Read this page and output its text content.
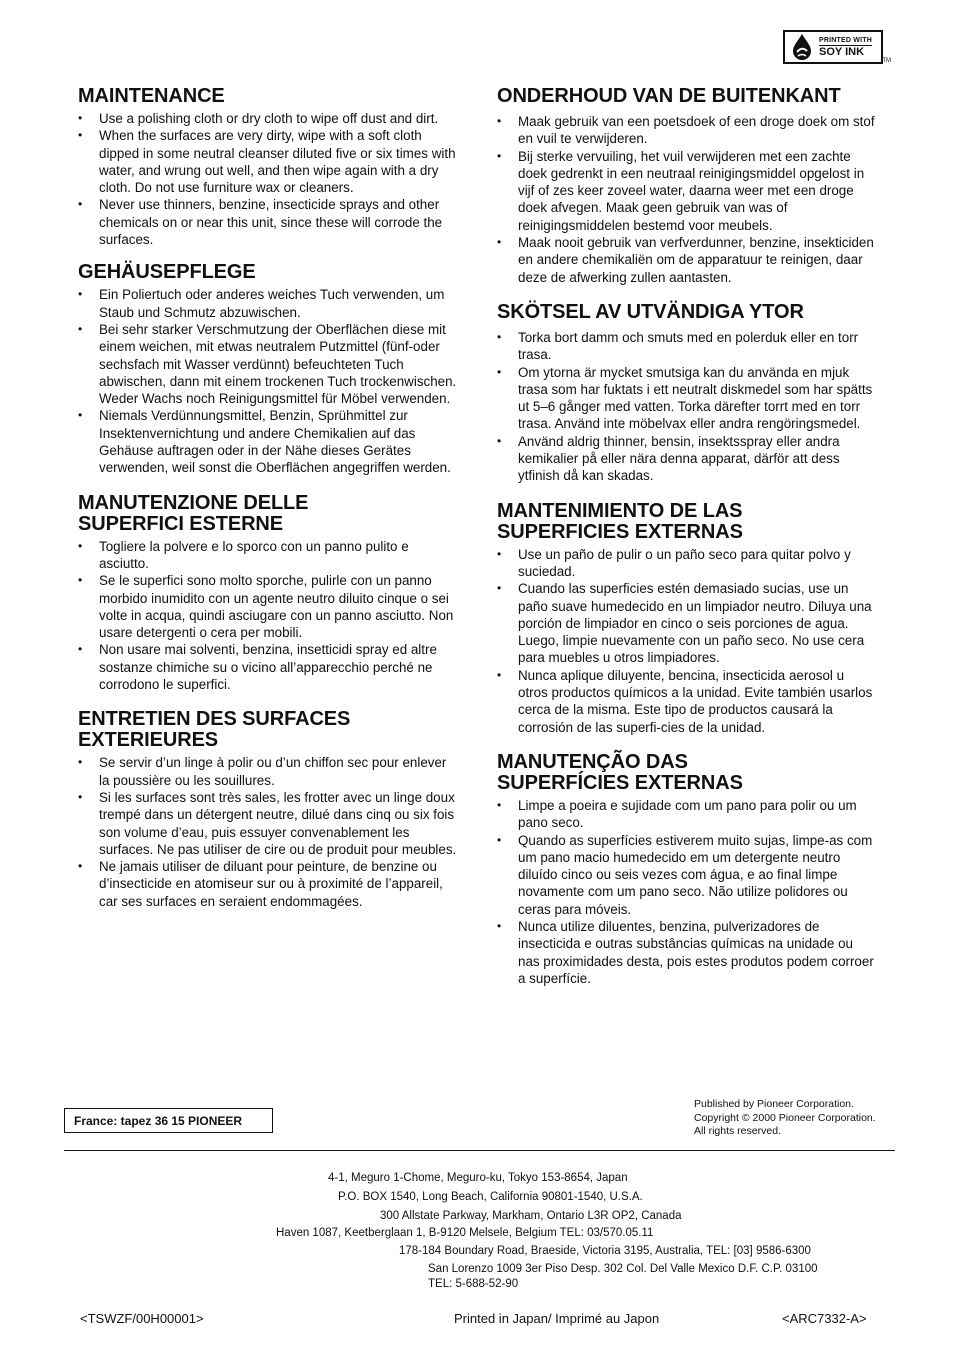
PRINTED WITH
SOY INK
TM
MAINTENANCE
• Use a polishing cloth or dry cloth to wipe off dust and dirt.
• When the surfaces are very dirty, wipe with a soft cloth dipped in some neutral cleanser diluted five or six times with water, and wrung out well, and then wipe again with a dry cloth. Do not use furniture wax or cleaners.
• Never use thinners, benzine, insecticide sprays and other chemicals on or near this unit, since these will corrode the surfaces.
GEHÄUSEPFLEGE
• Ein Poliertuch oder anderes weiches Tuch verwenden, um Staub und Schmutz abzuwischen.
• Bei sehr starker Verschmutzung der Oberflächen diese mit einem weichen, mit etwas neutralem Putzmittel (fünf-oder sechsfach mit Wasser verdünnt) befeuchteten Tuch abwischen, dann mit einem trockenen Tuch trockenwischen. Weder Wachs noch Reinigungsmittel für Möbel verwenden.
• Niemals Verdünnungsmittel, Benzin, Sprühmittel zur Insektenvernichtung und andere Chemikalien auf das Gehäuse auftragen oder in der Nähe dieses Gerätes verwenden, weil sonst die Oberflächen angegriffen werden.
MANUTENZIONE DELLE SUPERFICI ESTERNE
• Togliere la polvere e lo sporco con un panno pulito e asciutto.
• Se le superfici sono molto sporche, pulirle con un panno morbido inumidito con un agente neutro diluito cinque o sei volte in acqua, quindi asciugare con un panno asciutto. Non usare detergenti o cera per mobili.
• Non usare mai solventi, benzina, insetticidi spray ed altre sostanze chimiche su o vicino all’apparecchio perché ne corrodono le superfici.
ENTRETIEN DES SURFACES EXTERIEURES
• Se servir d’un linge à polir ou d’un chiffon sec pour enlever la poussière ou les souillures.
• Si les surfaces sont très sales, les frotter avec un linge doux trempé dans un détergent neutre, dilué dans cinq ou six fois son volume d’eau, puis essuyer convenablement les surfaces. Ne pas utiliser de cire ou de produit pour meubles.
• Ne jamais utiliser de diluant pour peinture, de benzine ou d’insecticide en atomiseur sur ou à proximité de l’appareil, car ses surfaces en seraient endommagées.
ONDERHOUD VAN DE BUITENKANT
• Maak gebruik van een poetsdoek of een droge doek om stof en vuil te verwijderen.
• Bij sterke vervuiling, het vuil verwijderen met een zachte doek gedrenkt in een neutraal reinigingsmiddel opgelost in vijf of zes keer zoveel water, daarna weer met een droge doek afvegen. Maak geen gebruik van was of reinigingsmiddelen bestemd voor meubels.
• Maak nooit gebruik van verfverdunner, benzine, insekticiden en andere chemikaliën om de apparatuur te reinigen, daar deze de afwerking zullen aantasten.
SKÖTSEL AV UTVÄNDIGA YTOR
• Torka bort damm och smuts med en polerduk eller en torr trasa.
• Om ytorna är mycket smutsiga kan du använda en mjuk trasa som har fuktats i ett neutralt diskmedel som har spätts ut 5–6 gånger med vatten. Torka därefter torrt med en torr trasa. Använd inte möbelvax eller andra rengöringsmedel.
• Använd aldrig thinner, bensin, insektsspray eller andra kemikalier på eller nära denna apparat, därför att dess ytfinish då kan skadas.
MANTENIMIENTO DE LAS SUPERFICIES EXTERNAS
• Use un paño de pulir o un paño seco para quitar polvo y suciedad.
• Cuando las superficies estén demasiado sucias, use un paño suave humedecido en un limpiador neutro. Diluya una porción de limpiador en cinco o seis porciones de agua. Luego, limpie nuevamente con un paño seco. No use cera para muebles u otros limpiadores.
• Nunca aplique diluyente, bencina, insecticida aerosol u otros productos químicos a la unidad. Evite también usarlos cerca de la misma. Este tipo de productos causará la corrosión de las superfi-cies de la unidad.
MANUTENÇÃO DAS SUPERFÍCIES EXTERNAS
• Limpe a poeira e sujidade com um pano para polir ou um pano seco.
• Quando as superfícies estiverem muito sujas, limpe-as com um pano macio humedecido em um detergente neutro diluído cinco ou seis vezes com água, e ao final limpe novamente com um pano seco. Não utilize polidores ou ceras para móveis.
• Nunca utilize diluentes, benzina, pulverizadores de insecticida e outras substâncias químicas na unidade ou nas proximidades desta, pois estes produtos podem corroer a superfície.
France: tapez 36 15 PIONEER
Published by Pioneer Corporation.
Copyright © 2000 Pioneer Corporation.
All rights reserved.
4-1, Meguro 1-Chome, Meguro-ku, Tokyo 153-8654, Japan
P.O. BOX 1540, Long Beach, California 90801-1540, U.S.A.
300 Allstate Parkway, Markham, Ontario L3R OP2, Canada
Haven 1087, Keetberglaan 1, B-9120 Melsele, Belgium TEL: 03/570.05.11
178-184 Boundary Road, Braeside, Victoria 3195, Australia, TEL: [03] 9586-6300
San Lorenzo 1009 3er Piso Desp. 302 Col. Del Valle Mexico D.F. C.P. 03100
TEL: 5-688-52-90
<TSWZF/00H00001>	Printed in Japan/ Imprimé au Japon	<ARC7332-A>
